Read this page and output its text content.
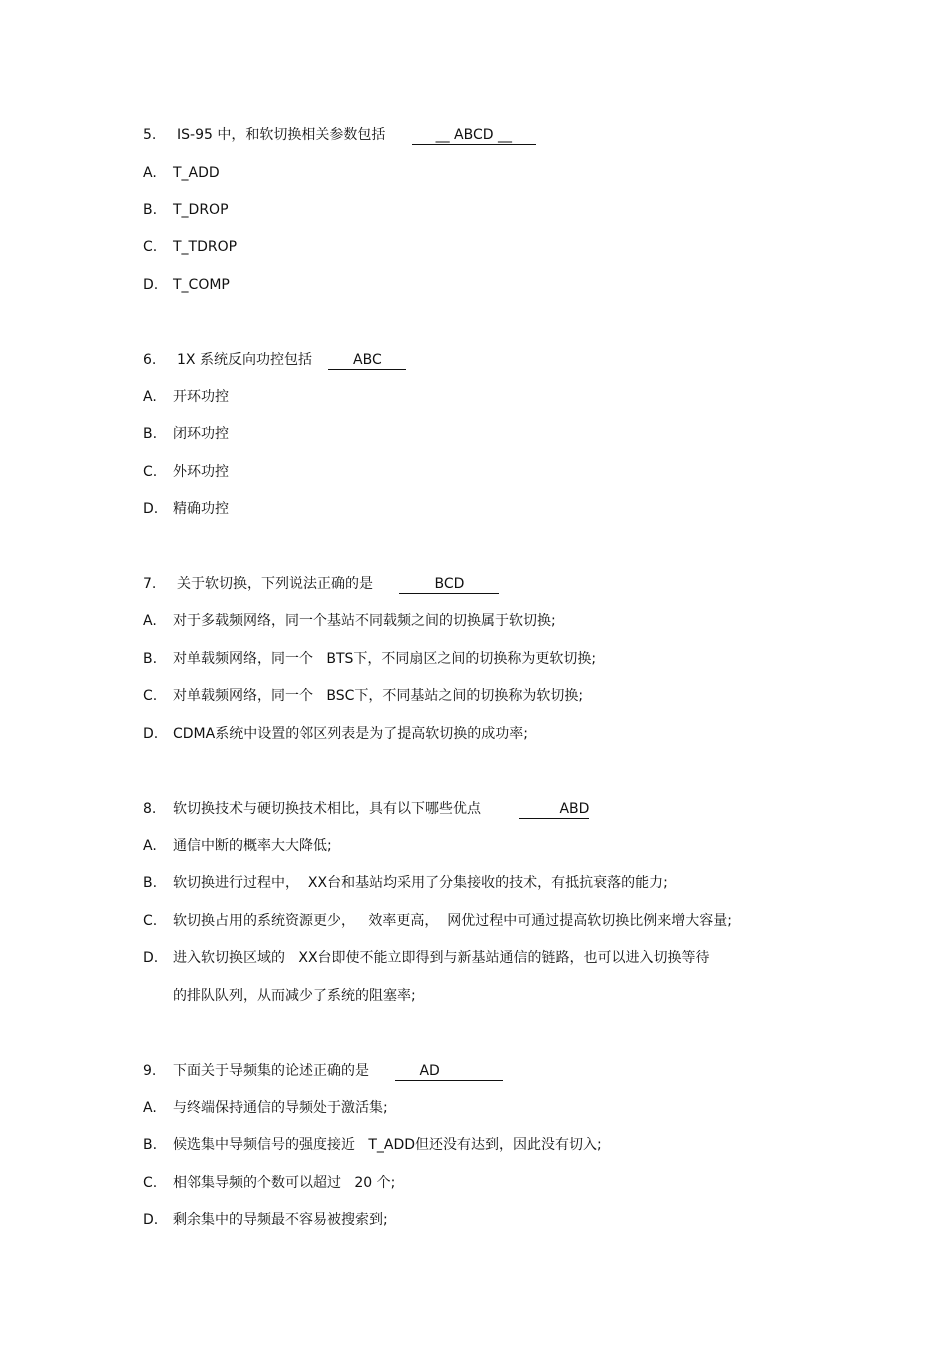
5. IS-95 中，和软切换相关参数包括	__ ABCD __
A. T_ADD
B. T_DROP
C. T_TDROP
D. T_COMP
6. 1X 系统反向功控包括	ABC
A. 开环功控
B. 闭环功控
C. 外环功控
D. 精确功控
7. 关于软切换，下列说法正确的是	BCD
A. 对于多载频网络，同一个基站不同载频之间的切换属于软切换;
B. 对单载频网络，同一个   BTS下，不同扇区之间的切换称为更软切换;
C. 对单载频网络，同一个   BSC下，不同基站之间的切换称为软切换;
D. CDMA系统中设置的邻区列表是为了提高软切换的成功率;
8. 软切换技术与硬切换技术相比，具有以下哪些优点	ABD
A. 通信中断的概率大大降低;
B. 软切换进行过程中，  XX台和基站均采用了分集接收的技术，有抵抗衰落的能力;
C. 软切换占用的系统资源更少，   效率更高，  网优过程中可通过提高软切换比例来增大容量;
D. 进入软切换区域的   XX台即使不能立即得到与新基站通信的链路，也可以进入切换等待
的排队队列，从而减少了系统的阻塞率;
9. 下面关于导频集的论述正确的是	AD
A. 与终端保持通信的导频处于激活集;
B. 候选集中导频信号的强度接近   T_ADD但还没有达到，因此没有切入;
C. 相邻集导频的个数可以超过   20 个;
D. 剩余集中的导频最不容易被搜索到;
